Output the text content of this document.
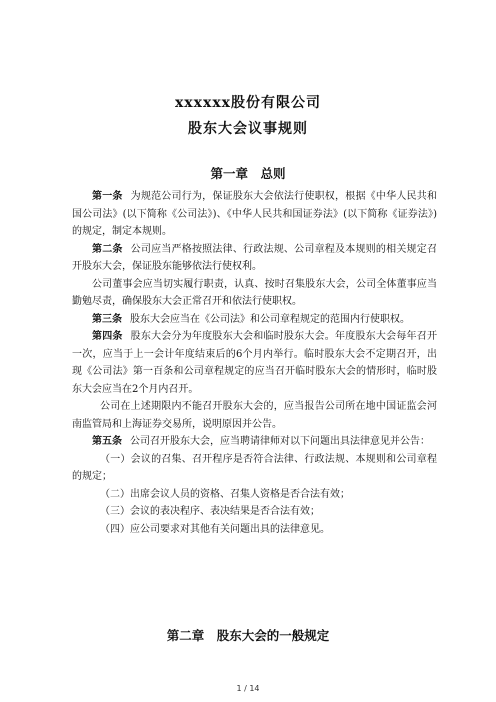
xxxxxx股份有限公司
股东大会议事规则
第一章　总则

第一条 为规范公司行为，保证股东大会依法行使职权，根据《中华人民共和国公司法》(以下简称《公司法》)、《中华人民共和国证券法》(以下简称《证券法》)的规定，制定本规则。

第二条 公司应当严格按照法律、行政法规、公司章程及本规则的相关规定召开股东大会，保证股东能够依法行使权利。

公司董事会应当切实履行职责，认真、按时召集股东大会，公司全体董事应当勤勉尽责，确保股东大会正常召开和依法行使职权。

第三条 股东大会应当在《公司法》和公司章程规定的范围内行使职权。

第四条 股东大会分为年度股东大会和临时股东大会。年度股东大会每年召开一次，应当于上一会计年度结束后的6个月内举行。临时股东大会不定期召开，出现《公司法》第一百条和公司章程规定的应当召开临时股东大会的情形时，临时股东大会应当在2个月内召开。

公司在上述期限内不能召开股东大会的，应当报告公司所在地中国证监会河南监管局和上海证券交易所，说明原因并公告。

第五条 公司召开股东大会，应当聘请律师对以下问题出具法律意见并公告：

（一）会议的召集、召开程序是否符合法律、行政法规、本规则和公司章程的规定；

（二）出席会议人员的资格、召集人资格是否合法有效；

（三）会议的表决程序、表决结果是否合法有效；

（四）应公司要求对其他有关问题出具的法律意见。

第二章　股东大会的一般规定
1 / 14
